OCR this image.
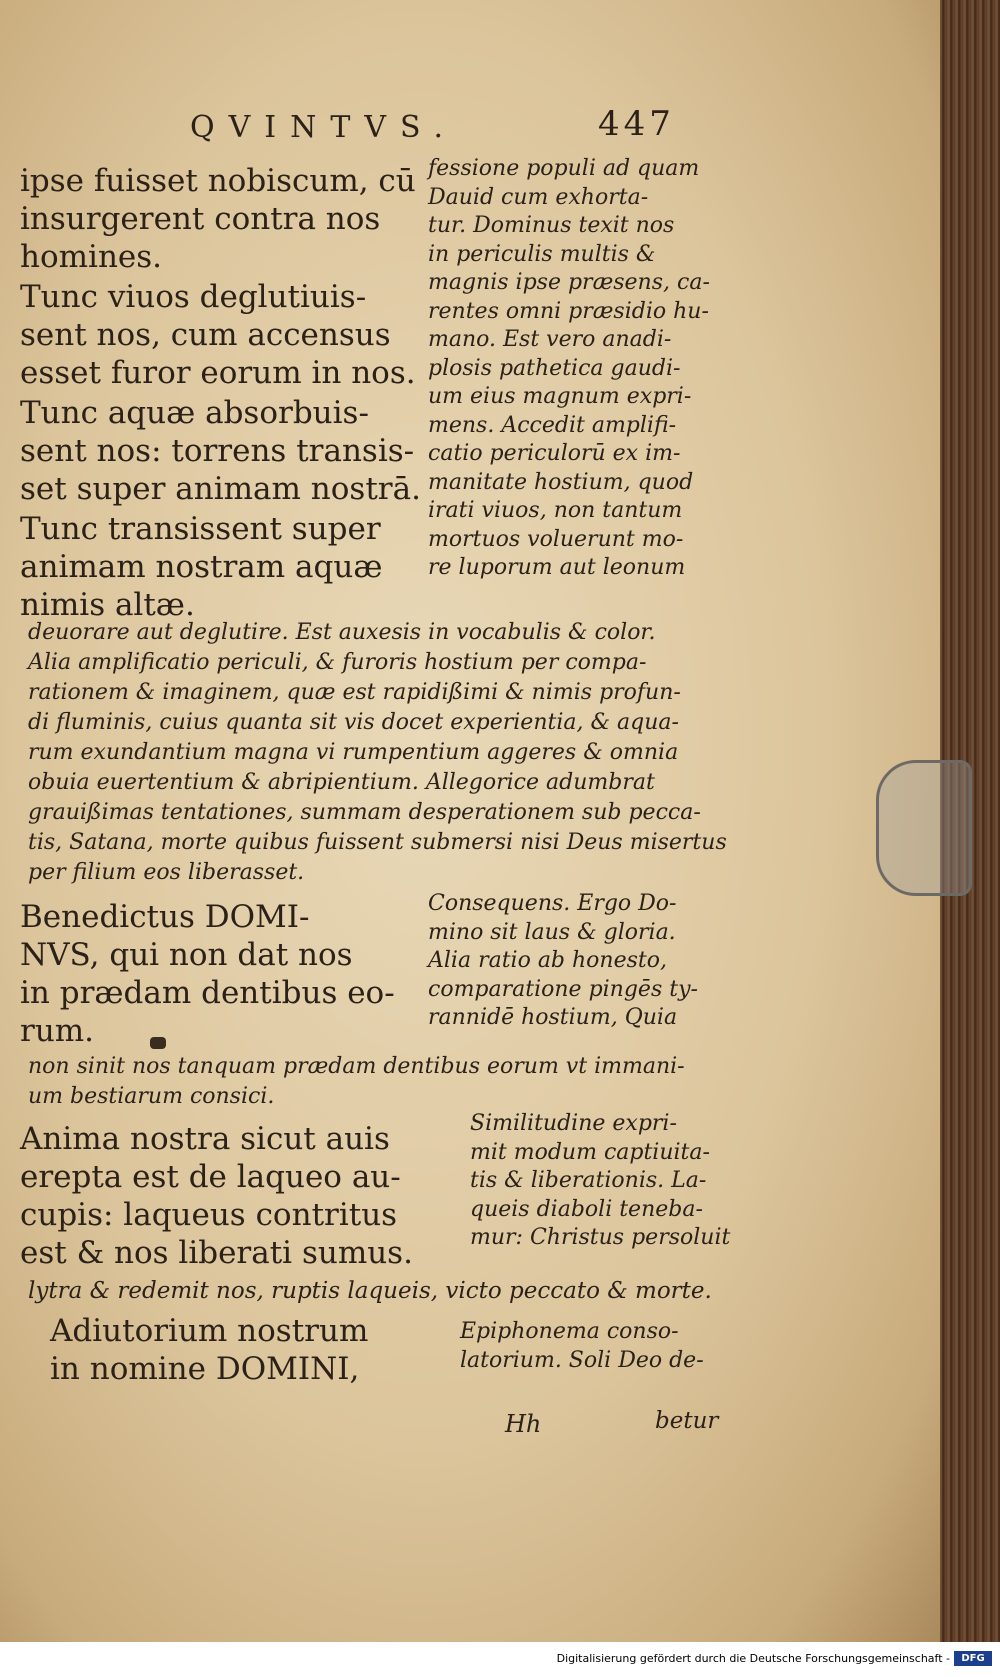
QVINTVS.	447
ipse fuisset nobiscum, cū
insurgerent contra nos
homines.
Tunc viuos deglutiuis-
sent nos, cum accensus
esset furor eorum in nos.
Tunc aquæ absorbuis-
sent nos: torrens transis-
set super animam nostrā.
Tunc transissent super
animam nostram aquæ
nimis altæ.
fessione populi ad quam
Dauid cum exhorta-
tur. Dominus texit nos
in periculis multis &
magnis ipse præsens, ca-
rentes omni præsidio hu-
mano. Est vero anadi-
plosis pathetica gaudi-
um eius magnum expri-
mens. Accedit amplifi-
catio periculorū ex im-
manitate hostium, quod
irati viuos, non tantum
mortuos voluerunt mo-
re luporum aut leonum
deuorare aut deglutire. Est auxesis in vocabulis & color.
Alia amplificatio periculi, & furoris hostium per compa-
rationem & imaginem, quæ est rapidißimi & nimis profun-
di fluminis, cuius quanta sit vis docet experientia, & aqua-
rum exundantium magna vi rumpentium aggeres & omnia
obuia euertentium & abripientium. Allegorice adumbrat
grauißimas tentationes, summam desperationem sub pecca-
tis, Satana, morte quibus fuissent submersi nisi Deus misertus
per filium eos liberasset.
Benedictus DOMI-
NVS, qui non dat nos
in prædam dentibus eo-
rum.
Consequens. Ergo Do-
mino sit laus & gloria.
Alia ratio ab honesto,
comparatione pingēs ty-
rannidē hostium, Quia
non sinit nos tanquam prædam dentibus eorum vt immani-
um bestiarum consici.
Anima nostra sicut auis
erepta est de laqueo au-
cupis: laqueus contritus
est & nos liberati sumus.
Similitudine expri-
mit modum captiuita-
tis & liberationis. La-
queis diaboli teneba-
mur: Christus persoluit
lytra & redemit nos, ruptis laqueis, victo peccato & morte.
Adiutorium nostrum
in nomine DOMINI,
Epiphonema conso-
latorium. Soli Deo de-
Hh	betur
Digitalisierung gefördert durch die Deutsche Forschungsgemeinschaft -	DFG
